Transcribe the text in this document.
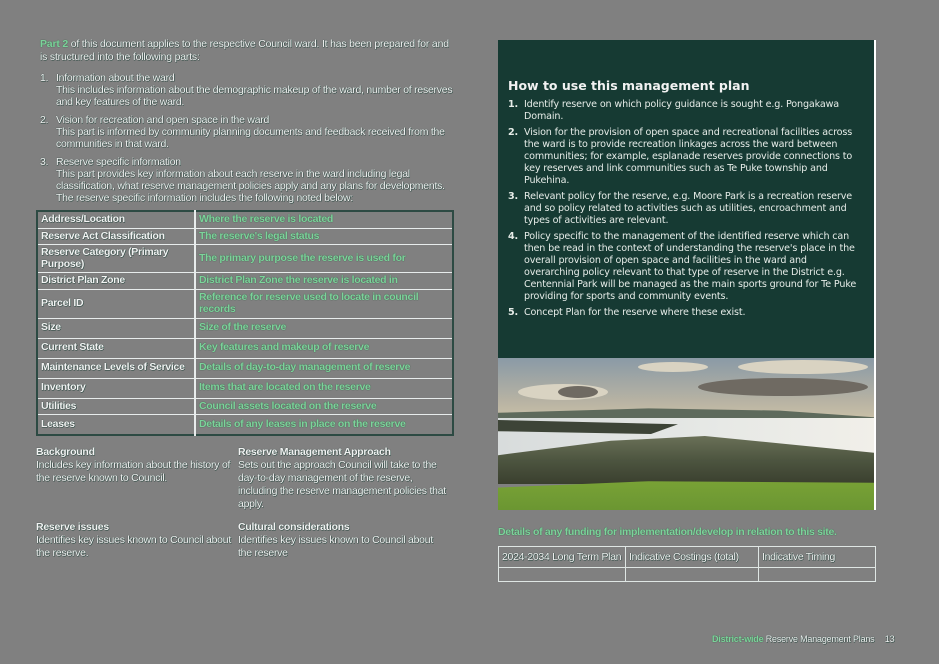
Part 2 of this document applies to the respective Council ward. It has been prepared for and is structured into the following parts:

1. Information about the ward
This includes information about the demographic makeup of the ward, number of reserves and key features of the ward.
2. Vision for recreation and open space in the ward
This part is informed by community planning documents and feedback received from the communities in that ward.
3. Reserve specific information
This part provides key information about each reserve in the ward including legal classification, what reserve management policies apply and any plans for developments. The reserve specific information includes the following noted below:
Address/Location	Where the reserve is located
Reserve Act Classification	The reserve's legal status
Reserve Category (Primary Purpose)	The primary purpose the reserve is used for
District Plan Zone	District Plan Zone the reserve is located in
Parcel ID	Reference for reserve used to locate in council records
Size	Size of the reserve
Current State	Key features and makeup of reserve
Maintenance Levels of Service	Details of day-to-day management of reserve
Inventory	Items that are located on the reserve
Utilities	Council assets located on the reserve
Leases	Details of any leases in place on the reserve
Background
Includes key information about the history of the reserve known to Council.
Reserve Management Approach
Sets out the approach Council will take to the day-to-day management of the reserve, including the reserve management policies that apply.
Reserve issues
Identifies key issues known to Council about the reserve.
Cultural considerations
Identifies key issues known to Council about the reserve
How to use this management plan
1. Identify reserve on which policy guidance is sought e.g. Pongakawa Domain.
2. Vision for the provision of open space and recreational facilities across the ward is to provide recreation linkages across the ward between communities; for example, esplanade reserves provide connections to key reserves and link communities such as Te Puke township and Pukehina.
3. Relevant policy for the reserve, e.g. Moore Park is a recreation reserve and so policy related to activities such as utilities, encroachment and types of activities are relevant.
4. Policy specific to the management of the identified reserve which can then be read in the context of understanding the reserve's place in the overall provision of open space and facilities in the ward and overarching policy relevant to that type of reserve in the District e.g. Centennial Park will be managed as the main sports ground for Te Puke providing for sports and community events.
5. Concept Plan for the reserve where these exist.
Details of any funding for implementation/develop in relation to this site.
2024-2034 Long Term Plan	Indicative Costings (total)	Indicative Timing

District-wide Reserve Management Plans 13
